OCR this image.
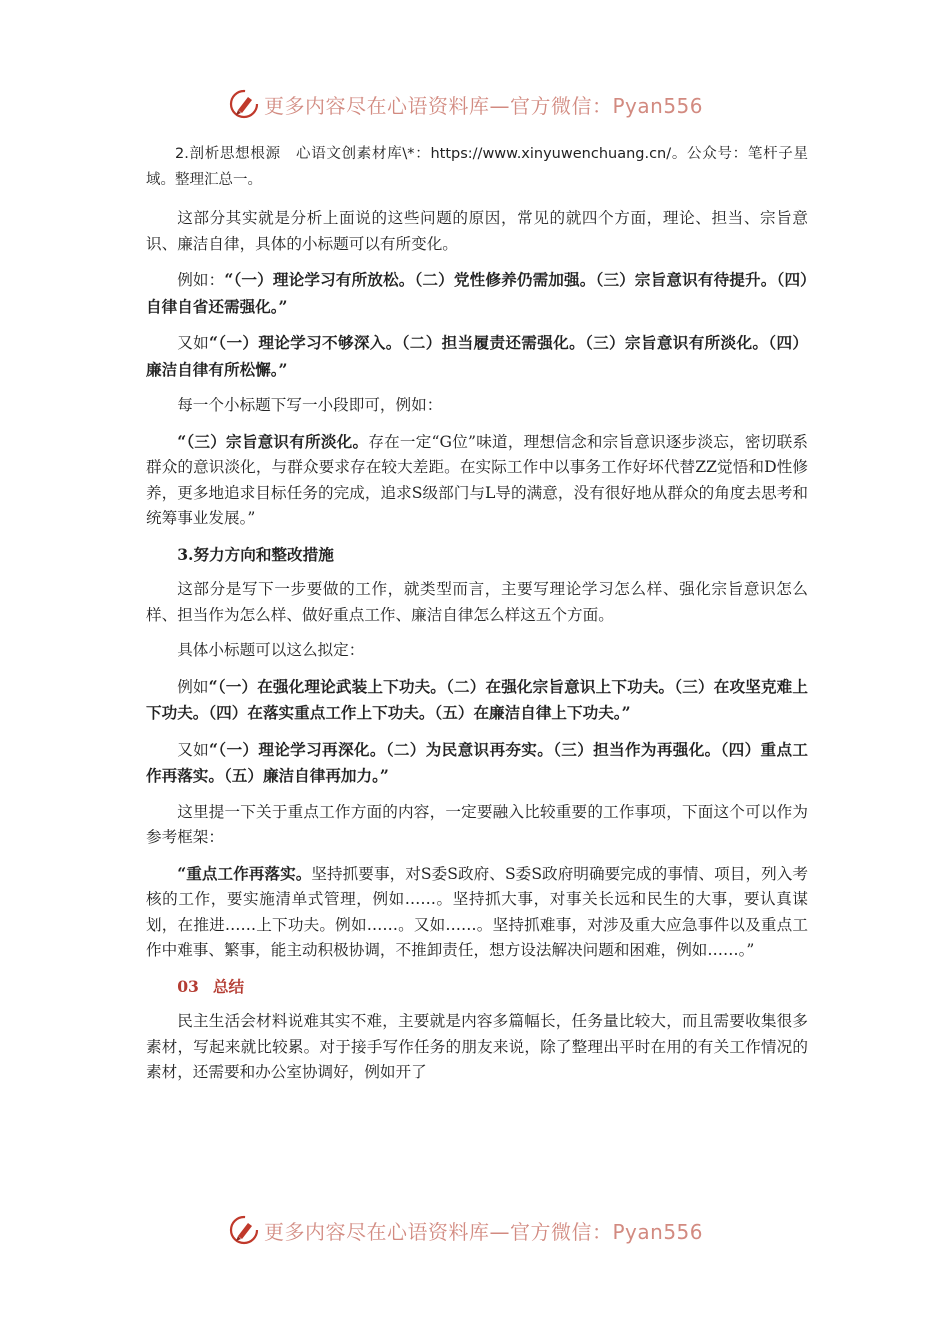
更多内容尽在心语资料库—官方微信：Pyan556

2.剖析思想根源　心语文创素材库\*：https://www.xinyuwenchuang.cn/。公众号：笔杆子星域。整理汇总一。

这部分其实就是分析上面说的这些问题的原因，常见的就四个方面，理论、担当、宗旨意识、廉洁自律，具体的小标题可以有所变化。

例如：“（一）理论学习有所放松。（二）党性修养仍需加强。（三）宗旨意识有待提升。（四）自律自省还需强化。”

又如“（一）理论学习不够深入。（二）担当履责还需强化。（三）宗旨意识有所淡化。（四）廉洁自律有所松懈。”

每一个小标题下写一小段即可，例如：

“（三）宗旨意识有所淡化。存在一定“G位”味道，理想信念和宗旨意识逐步淡忘，密切联系群众的意识淡化，与群众要求存在较大差距。在实际工作中以事务工作好坏代替ZZ觉悟和D性修养，更多地追求目标任务的完成，追求S级部门与L导的满意，没有很好地从群众的角度去思考和统筹事业发展。”

3.努力方向和整改措施

这部分是写下一步要做的工作，就类型而言，主要写理论学习怎么样、强化宗旨意识怎么样、担当作为怎么样、做好重点工作、廉洁自律怎么样这五个方面。

具体小标题可以这么拟定：

例如“（一）在强化理论武装上下功夫。（二）在强化宗旨意识上下功夫。（三）在攻坚克难上下功夫。（四）在落实重点工作上下功夫。（五）在廉洁自律上下功夫。”

又如“（一）理论学习再深化。（二）为民意识再夯实。（三）担当作为再强化。（四）重点工作再落实。（五）廉洁自律再加力。”

这里提一下关于重点工作方面的内容，一定要融入比较重要的工作事项，下面这个可以作为参考框架：

“重点工作再落实。坚持抓要事，对S委S政府、S委S政府明确要完成的事情、项目，列入考核的工作，要实施清单式管理，例如……。坚持抓大事，对事关长远和民生的大事，要认真谋划，在推进……上下功夫。例如……。又如……。坚持抓难事，对涉及重大应急事件以及重点工作中难事、繁事，能主动积极协调，不推卸责任，想方设法解决问题和困难，例如……。”

03 总结

民主生活会材料说难其实不难，主要就是内容多篇幅长，任务量比较大，而且需要收集很多素材，写起来就比较累。对于接手写作任务的朋友来说，除了整理出平时在用的有关工作情况的素材，还需要和办公室协调好，例如开了

更多内容尽在心语资料库—官方微信：Pyan556
